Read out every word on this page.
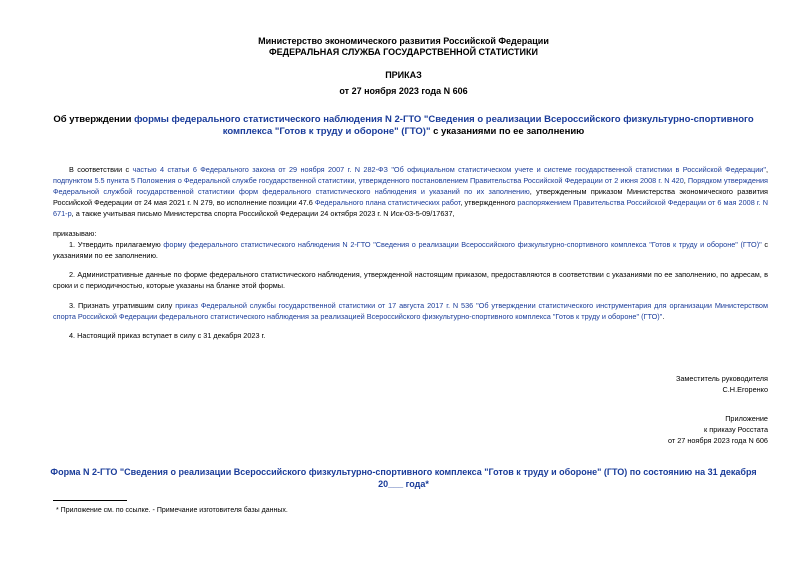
Министерство экономического развития Российской Федерации
ФЕДЕРАЛЬНАЯ СЛУЖБА ГОСУДАРСТВЕННОЙ СТАТИСТИКИ
ПРИКАЗ
от 27 ноября 2023 года N 606
Об утверждении формы федерального статистического наблюдения N 2-ГТО "Сведения о реализации Всероссийского физкультурно-спортивного комплекса "Готов к труду и обороне" (ГТО)" с указаниями по ее заполнению
В соответствии с частью 4 статьи 6 Федерального закона от 29 ноября 2007 г. N 282-ФЗ "Об официальном статистическом учете и системе государственной статистики в Российской Федерации", подпунктом 5.5 пункта 5 Положения о Федеральной службе государственной статистики, утвержденного постановлением Правительства Российской Федерации от 2 июня 2008 г. N 420, Порядком утверждения Федеральной службой государственной статистики форм федерального статистического наблюдения и указаний по их заполнению, утвержденным приказом Министерства экономического развития Российской Федерации от 24 мая 2021 г. N 279, во исполнение позиции 47.6 Федерального плана статистических работ, утвержденного распоряжением Правительства Российской Федерации от 6 мая 2008 г. N 671-р, а также учитывая письмо Министерства спорта Российской Федерации 24 октября 2023 г. N Иск-03-5-09/17637,
приказываю:
1. Утвердить прилагаемую форму федерального статистического наблюдения N 2-ГТО "Сведения о реализации Всероссийского физкультурно-спортивного комплекса "Готов к труду и обороне" (ГТО)" с указаниями по ее заполнению.
2. Административные данные по форме федерального статистического наблюдения, утвержденной настоящим приказом, предоставляются в соответствии с указаниями по ее заполнению, по адресам, в сроки и с периодичностью, которые указаны на бланке этой формы.
3. Признать утратившим силу приказ Федеральной службы государственной статистики от 17 августа 2017 г. N 536 "Об утверждении статистического инструментария для организации Министерством спорта Российской Федерации федерального статистического наблюдения за реализацией Всероссийского физкультурно-спортивного комплекса "Готов к труду и обороне" (ГТО)".
4. Настоящий приказ вступает в силу с 31 декабря 2023 г.
Заместитель руководителя
С.Н.Егоренко
Приложение
к приказу Росстата
от 27 ноября 2023 года N 606
Форма N 2-ГТО "Сведения о реализации Всероссийского физкультурно-спортивного комплекса "Готов к труду и обороне" (ГТО) по состоянию на 31 декабря 20___ года*
* Приложение см. по ссылке. - Примечание изготовителя базы данных.
